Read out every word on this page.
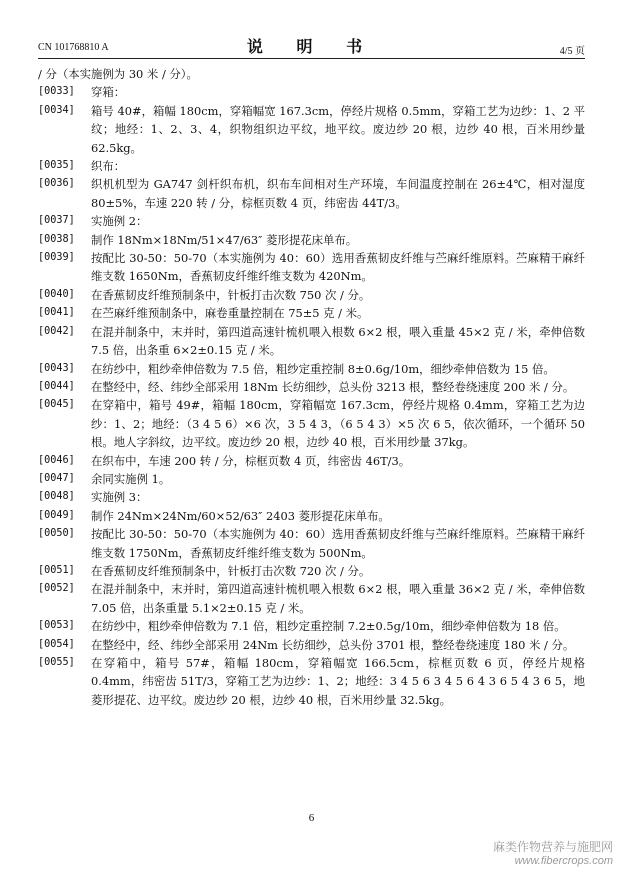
CN 101768810 A	说 明 书	4/5 页
/ 分（本实施例为 30 米 / 分）。
[0033]	穿箱：
[0034]	箱号 40#，箱幅 180cm，穿箱幅宽 167.3cm，停经片规格 0.5mm，穿箱工艺为边纱：1、2 平纹；地经：1、2、3、4，织物组织边平纹，地平纹。废边纱 20 根，边纱 40 根，百米用纱量 62.5kg。
[0035]	织布：
[0036]	织机机型为 GA747 剑杆织布机，织布车间相对生产环境，车间温度控制在 26±4℃，相对湿度 80±5%，车速 220 转 / 分，棕框页数 4 页，纬密齿 44T/3。
[0037]	实施例 2：
[0038]	制作 18Nm×18Nm/51×47/63″ 菱形提花床单布。
[0039]	按配比 30-50：50-70（本实施例为 40：60）选用香蕉韧皮纤维与苎麻纤维原料。苎麻精干麻纤维支数 1650Nm，香蕉韧皮纤维纤维支数为 420Nm。
[0040]	在香蕉韧皮纤维预制条中，针板打击次数 750 次 / 分。
[0041]	在苎麻纤维预制条中，麻卷重量控制在 75±5 克 / 米。
[0042]	在混并制条中，末并时，第四道高速针梳机喂入根数 6×2 根，喂入重量 45×2 克 / 米，牵伸倍数 7.5 倍，出条重 6×2±0.15 克 / 米。
[0043]	在纺纱中，粗纱牵伸倍数为 7.5 倍，粗纱定重控制 8±0.6g/10m，细纱牵伸倍数为 15 倍。
[0044]	在整经中，经、纬纱全部采用 18Nm 长纺细纱，总头份 3213 根，整经卷绕速度 200 米 / 分。
[0045]	在穿箱中，箱号 49#，箱幅 180cm，穿箱幅宽 167.3cm，停经片规格 0.4mm，穿箱工艺为边纱：1、2；地经：（3 4 5 6）×6 次，3 5 4 3，（6 5 4 3）×5 次 6 5，依次循环，一个循环 50 根。地人字斜纹，边平纹。废边纱 20 根，边纱 40 根，百米用纱量 37kg。
[0046]	在织布中，车速 200 转 / 分，棕框页数 4 页，纬密齿 46T/3。
[0047]	余同实施例 1。
[0048]	实施例 3：
[0049]	制作 24Nm×24Nm/60×52/63″ 2403 菱形提花床单布。
[0050]	按配比 30-50：50-70（本实施例为 40：60）选用香蕉韧皮纤维与苎麻纤维原料。苎麻精干麻纤维支数 1750Nm，香蕉韧皮纤维纤维支数为 500Nm。
[0051]	在香蕉韧皮纤维预制条中，针板打击次数 720 次 / 分。
[0052]	在混并制条中，末并时，第四道高速针梳机喂入根数 6×2 根，喂入重量 36×2 克 / 米，牵伸倍数 7.05 倍，出条重量 5.1×2±0.15 克 / 米。
[0053]	在纺纱中，粗纱牵伸倍数为 7.1 倍，粗纱定重控制 7.2±0.5g/10m，细纱牵伸倍数为 18 倍。
[0054]	在整经中，经、纬纱全部采用 24Nm 长纺细纱，总头份 3701 根，整经卷绕速度 180 米 / 分。
[0055]	在穿箱中，箱号 57#，箱幅 180cm，穿箱幅宽 166.5cm，棕框页数 6 页，停经片规格 0.4mm，纬密齿 51T/3，穿箱工艺为边纱：1、2；地经：3 4 5 6 3 4 5 6 4 3 6 5 4 3 6 5，地菱形提花、边平纹。废边纱 20 根，边纱 40 根，百米用纱量 32.5kg。
6
麻类作物营养与施肥网
www.fibercrops.com
